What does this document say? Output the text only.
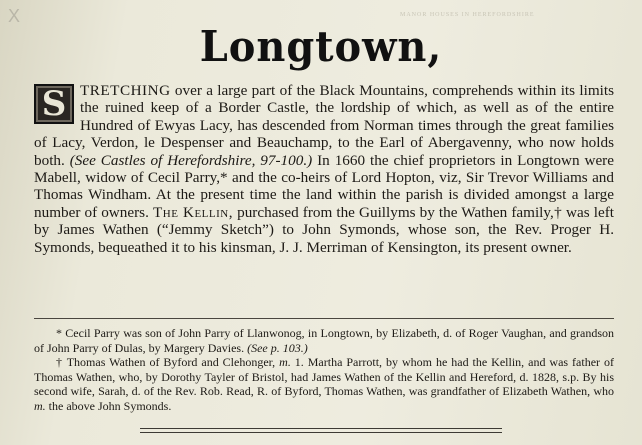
X	MANOR HOUSES IN HEREFORDSHIRE
Longtown,
S TRETCHING over a large part of the Black Mountains, comprehends within its limits the ruined keep of a Border Castle, the lordship of which, as well as of the entire Hundred of Ewyas Lacy, has descended from Norman times through the great families of Lacy, Verdon, le Despenser and Beauchamp, to the Earl of Abergavenny, who now holds both. (See Castles of Herefordshire, 97-100.) In 1660 the chief proprietors in Longtown were Mabell, widow of Cecil Parry,* and the co-heirs of Lord Hopton, viz, Sir Trevor Williams and Thomas Windham. At the present time the land within the parish is divided amongst a large number of owners. The Kellin, purchased from the Guillyms by the Wathen family,† was left by James Wathen (“Jemmy Sketch”) to John Symonds, whose son, the Rev. Proger H. Symonds, bequeathed it to his kinsman, J. J. Merriman of Kensington, its present owner.

* Cecil Parry was son of John Parry of Llanwonog, in Longtown, by Elizabeth, d. of Roger Vaughan, and grandson of John Parry of Dulas, by Margery Davies. (See p. 103.)

† Thomas Wathen of Byford and Clehonger, m. 1. Martha Parrott, by whom he had the Kellin, and was father of Thomas Wathen, who, by Dorothy Tayler of Bristol, had James Wathen of the Kellin and Hereford, d. 1828, s.p. By his second wife, Sarah, d. of the Rev. Rob. Read, R. of Byford, Thomas Wathen, was grandfather of Elizabeth Wathen, who m. the above John Symonds.
